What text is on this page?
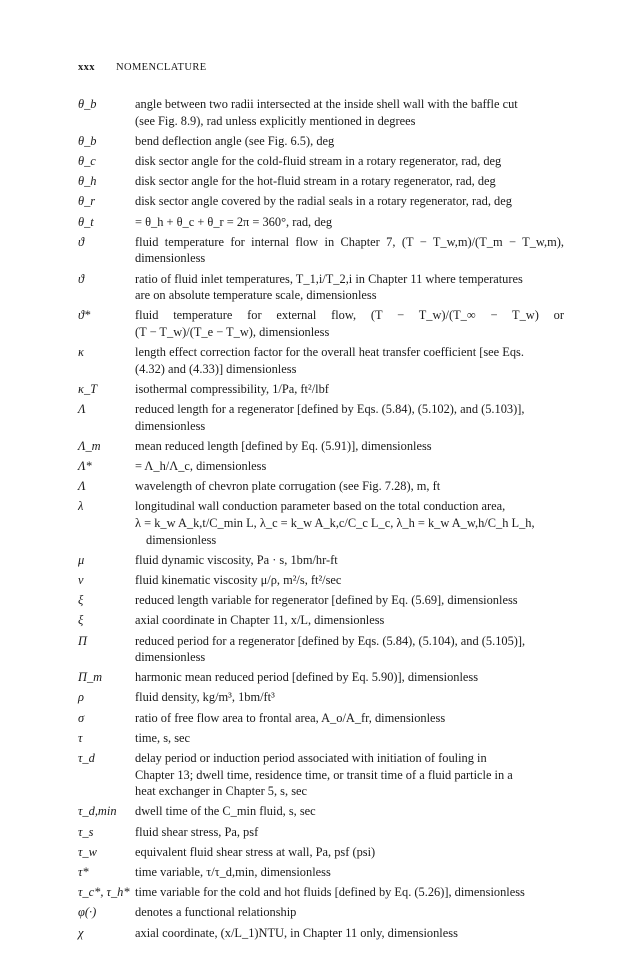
xxx NOMENCLATURE
θ_b	angle between two radii intersected at the inside shell wall with the baffle cut
(see Fig. 8.9), rad unless explicitly mentioned in degrees
θ_b	bend deflection angle (see Fig. 6.5), deg
θ_c	disk sector angle for the cold-fluid stream in a rotary regenerator, rad, deg
θ_h	disk sector angle for the hot-fluid stream in a rotary regenerator, rad, deg
θ_r	disk sector angle covered by the radial seals in a rotary regenerator, rad, deg
θ_t	= θ_h + θ_c + θ_r = 2π = 360°, rad, deg
ϑ	fluid temperature for internal flow in Chapter 7, (T − T_w,m)/(T_m − T_w,m),
dimensionless
ϑ	ratio of fluid inlet temperatures, T_1,i/T_2,i in Chapter 11 where temperatures
are on absolute temperature scale, dimensionless
ϑ*	fluid temperature for external flow, (T − T_w)/(T_∞ − T_w) or
(T − T_w)/(T_e − T_w), dimensionless
κ	length effect correction factor for the overall heat transfer coefficient [see Eqs.
(4.32) and (4.33)] dimensionless
κ_T	isothermal compressibility, 1/Pa, ft²/lbf
Λ	reduced length for a regenerator [defined by Eqs. (5.84), (5.102), and (5.103)],
dimensionless
Λ_m	mean reduced length [defined by Eq. (5.91)], dimensionless
Λ*	= Λ_h/Λ_c, dimensionless
Λ	wavelength of chevron plate corrugation (see Fig. 7.28), m, ft
λ	longitudinal wall conduction parameter based on the total conduction area,
λ = k_w A_k,t/C_min L, λ_c = k_w A_k,c/C_c L_c, λ_h = k_w A_w,h/C_h L_h, dimensionless
μ	fluid dynamic viscosity, Pa · s, 1bm/hr-ft
ν	fluid kinematic viscosity μ/ρ, m²/s, ft²/sec
ξ	reduced length variable for regenerator [defined by Eq. (5.69], dimensionless
ξ	axial coordinate in Chapter 11, x/L, dimensionless
Π	reduced period for a regenerator [defined by Eqs. (5.84), (5.104), and (5.105)],
dimensionless
Π_m	harmonic mean reduced period [defined by Eq. 5.90)], dimensionless
ρ	fluid density, kg/m³, 1bm/ft³
σ	ratio of free flow area to frontal area, A_o/A_fr, dimensionless
τ	time, s, sec
τ_d	delay period or induction period associated with initiation of fouling in
Chapter 13; dwell time, residence time, or transit time of a fluid particle in a
heat exchanger in Chapter 5, s, sec
τ_d,min	dwell time of the C_min fluid, s, sec
τ_s	fluid shear stress, Pa, psf
τ_w	equivalent fluid shear stress at wall, Pa, psf (psi)
τ*	time variable, τ/τ_d,min, dimensionless
τ_c*, τ_h* time variable for the cold and hot fluids [defined by Eq. (5.26)], dimensionless
φ(·)	denotes a functional relationship
χ	axial coordinate, (x/L_1)NTU, in Chapter 11 only, dimensionless
